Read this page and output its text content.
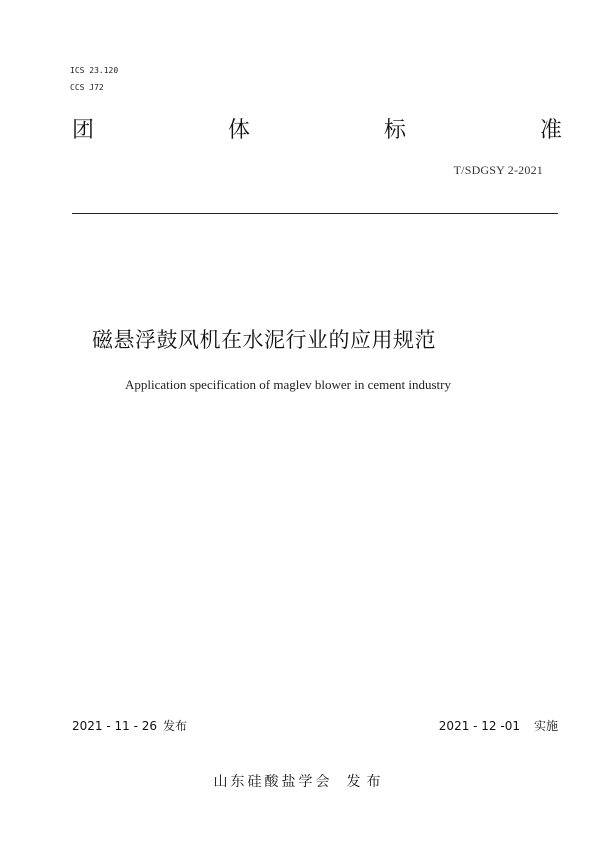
ICS 23.120
CCS J72
团	体	标	准
T/SDGSY 2-2021
磁悬浮鼓风机在水泥行业的应用规范
Application specification of maglev blower in cement industry
2021 - 11 - 26 发布	2021 - 12 -01 实施
山东硅酸盐学会 发布
